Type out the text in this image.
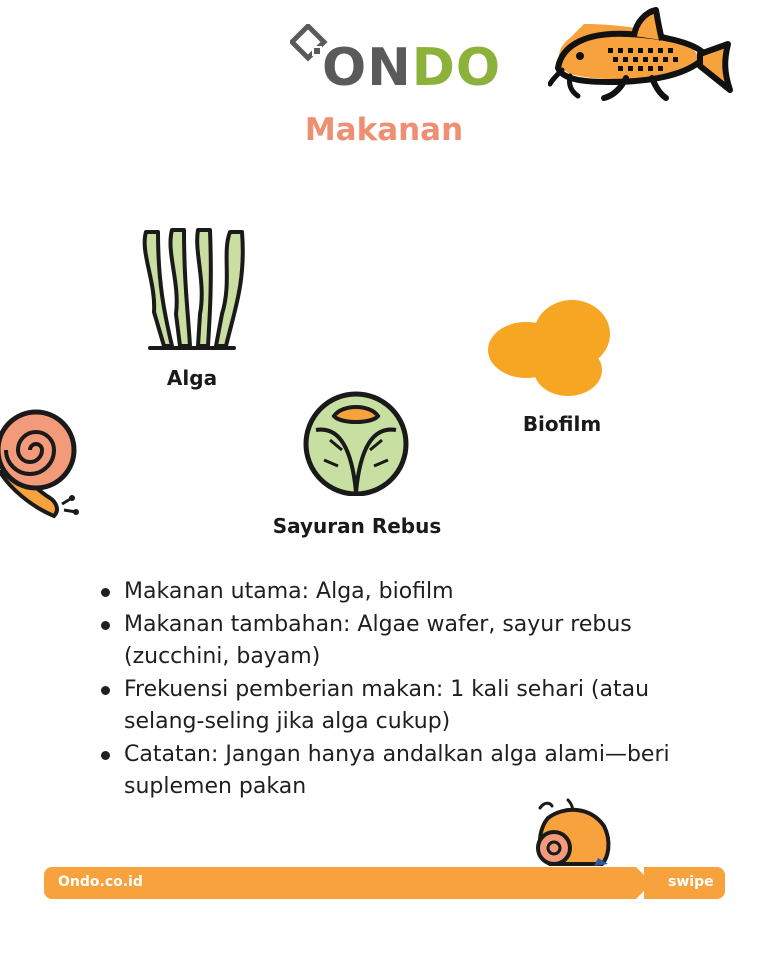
ONDO
Makanan
Alga
Biofilm
Sayuran Rebus
Makanan utama: Alga, biofilm
Makanan tambahan: Algae wafer, sayur rebus (zucchini, bayam)
Frekuensi pemberian makan: 1 kali sehari (atau selang-seling jika alga cukup)
Catatan: Jangan hanya andalkan alga alami—beri suplemen pakan
Ondo.co.id	swipe
